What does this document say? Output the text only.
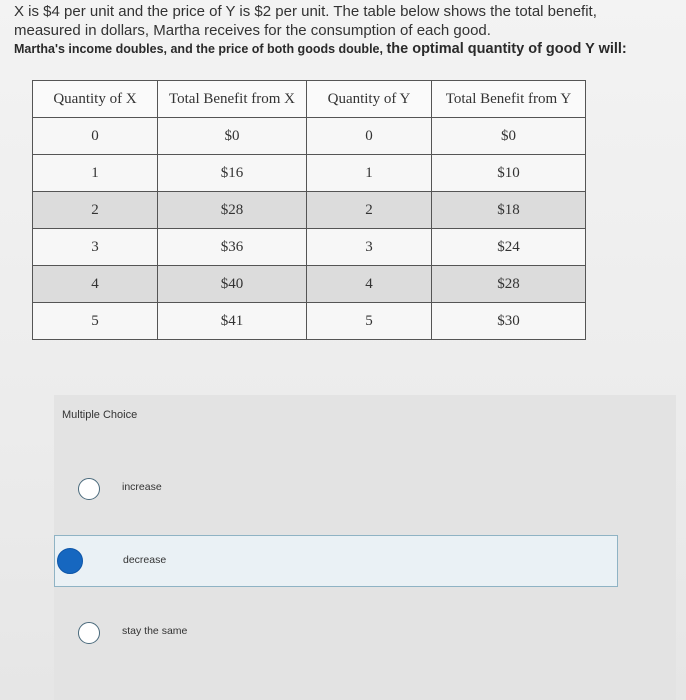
X is $4 per unit and the price of Y is $2 per unit. The table below shows the total benefit,
measured in dollars, Martha receives for the consumption of each good.
Martha's income doubles, and the price of both goods double, the optimal quantity of good Y will:
Quantity of X	Total Benefit from X	Quantity of Y	Total Benefit from Y
0	$0	0	$0
1	$16	1	$10
2	$28	2	$18
3	$36	3	$24
4	$40	4	$28
5	$41	5	$30
Multiple Choice
increase
decrease
stay the same
